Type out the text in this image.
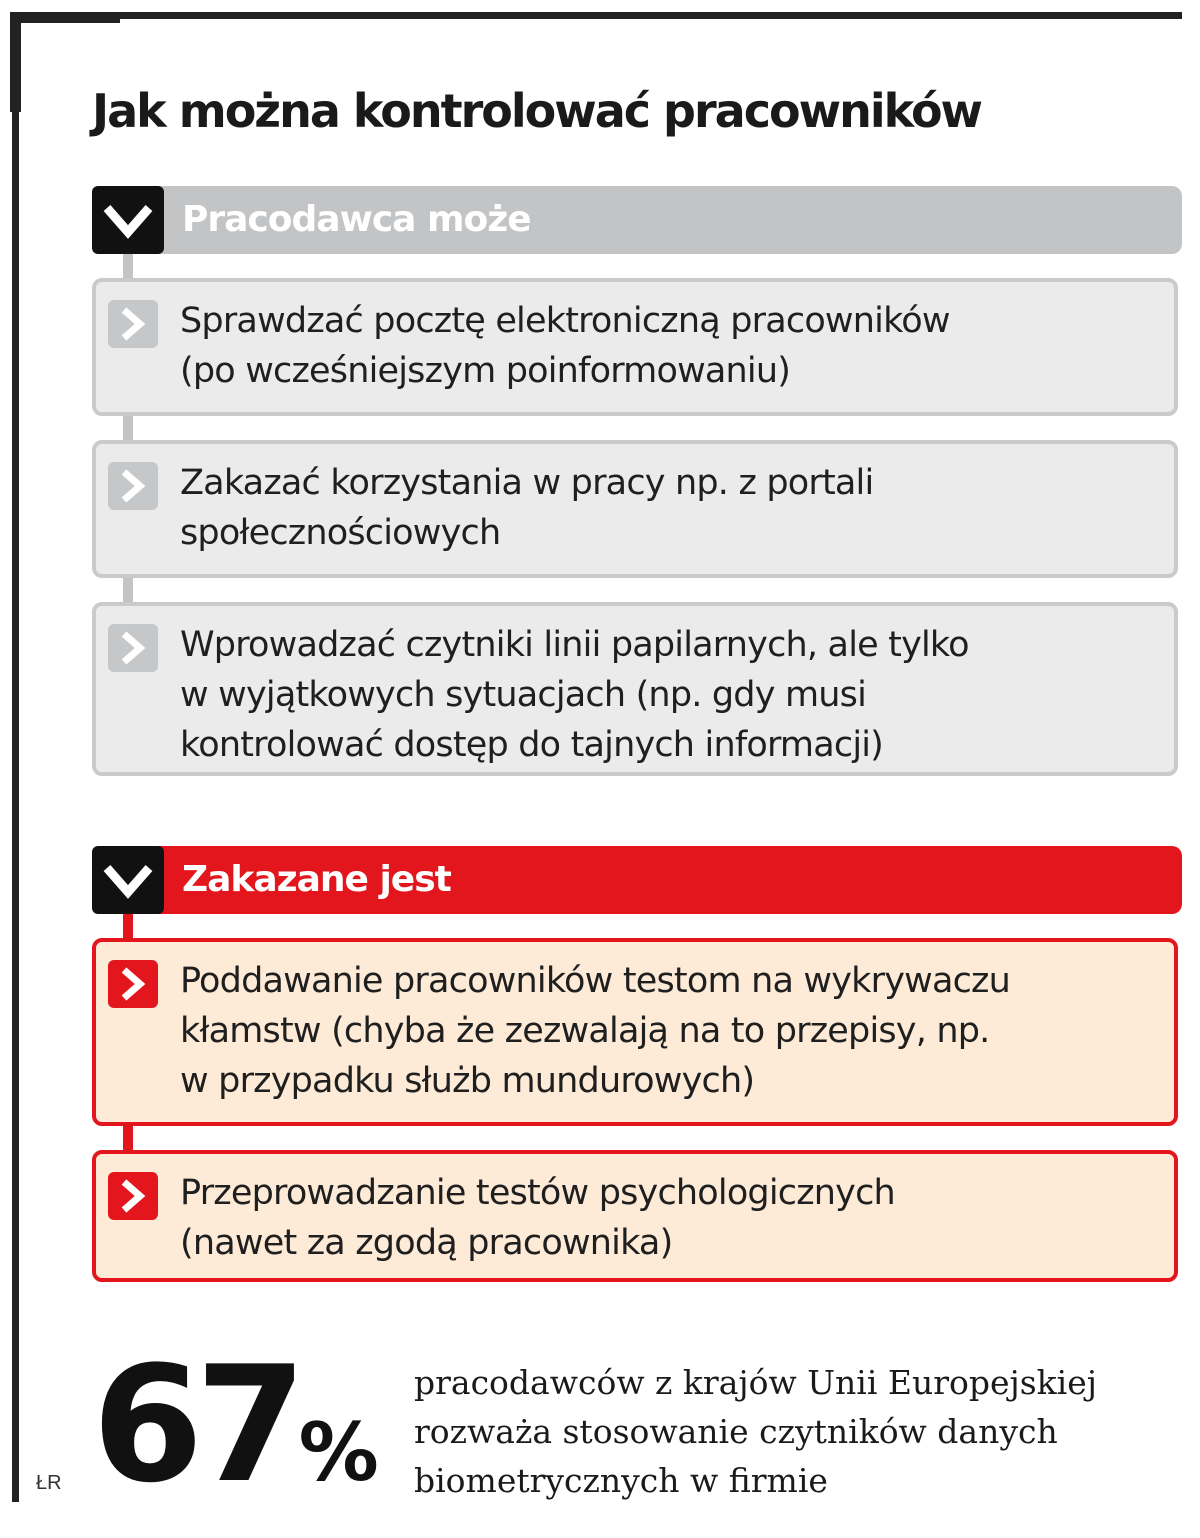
Jak można kontrolować pracowników
Pracodawca może
Sprawdzać pocztę elektroniczną pracowników
(po wcześniejszym poinformowaniu)
Zakazać korzystania w pracy np. z portali
społecznościowych
Wprowadzać czytniki linii papilarnych, ale tylko
w wyjątkowych sytuacjach (np. gdy musi
kontrolować dostęp do tajnych informacji)
Zakazane jest
Poddawanie pracowników testom na wykrywaczu
kłamstw (chyba że zezwalają na to przepisy, np.
w przypadku służb mundurowych)
Przeprowadzanie testów psychologicznych
(nawet za zgodą pracownika)
67%
pracodawców z krajów Unii Europejskiej
rozważa stosowanie czytników danych
biometrycznych w firmie
ŁR
